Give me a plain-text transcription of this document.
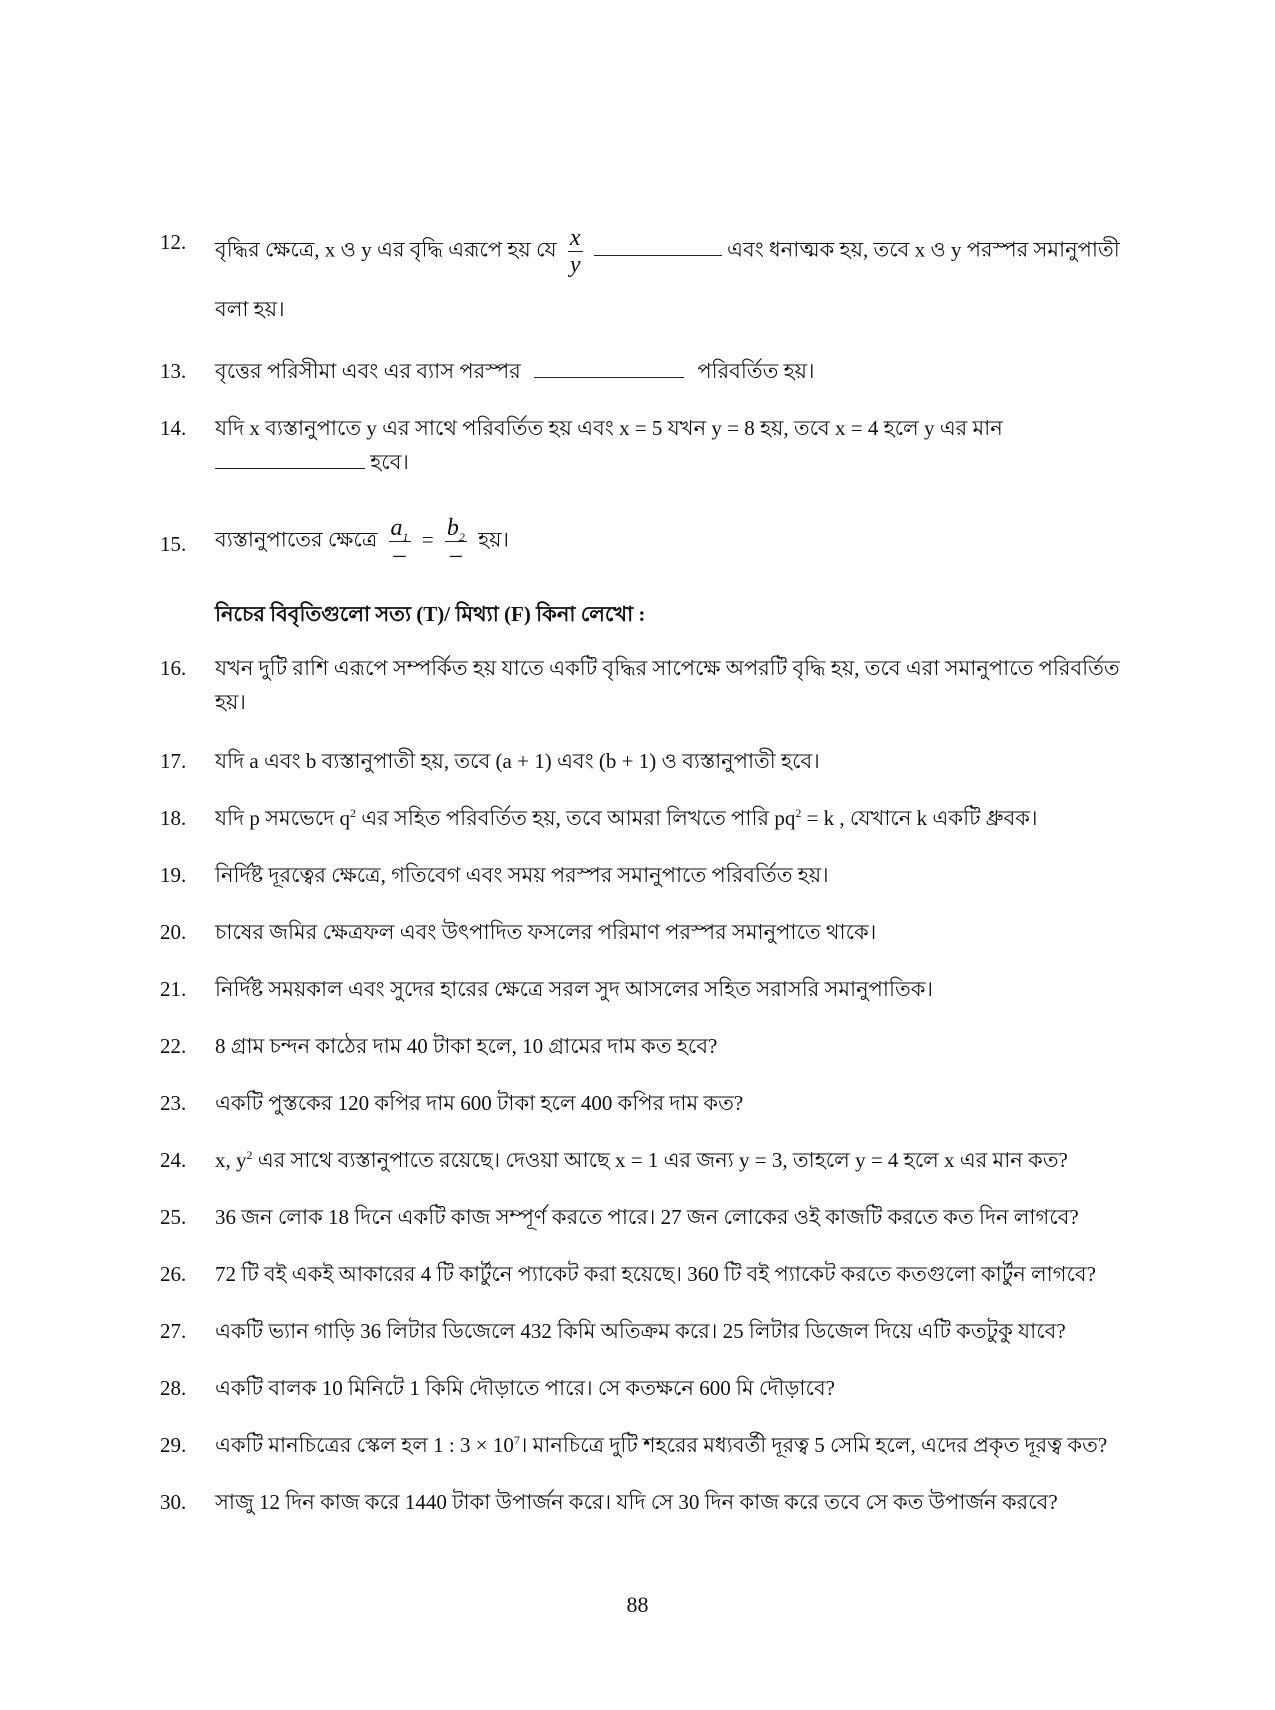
12.	বৃদ্ধির ক্ষেত্রে, x ও y এর বৃদ্ধি এরূপে হয় যে $\frac{x}{y}$	এবং ধনাত্মক হয়, তবে x ও y পরস্পর সমানুপাতী
বলা হয়।
13.	বৃত্তের পরিসীমা এবং এর ব্যাস পরস্পর	পরিবর্তিত হয়।
14.	যদি x ব্যস্তানুপাতে y এর সাথে পরিবর্তিত হয় এবং x = 5 যখন y = 8 হয়, তবে x = 4 হলে y এর মান
হবে।
15.	ব্যস্তানুপাতের ক্ষেত্রে $\frac{a_1}{-} = \frac{b_2}{-}$ হয়।
নিচের বিবৃতিগুলো সত্য (T)/ মিথ্যা (F) কিনা লেখো :
16.	যখন দুটি রাশি এরূপে সম্পর্কিত হয় যাতে একটি বৃদ্ধির সাপেক্ষে অপরটি বৃদ্ধি হয়, তবে এরা সমানুপাতে পরিবর্তিত
হয়।
17.	যদি a এবং b ব্যস্তানুপাতী হয়, তবে (a + 1) এবং (b + 1) ও ব্যস্তানুপাতী হবে।
18.	যদি p সমভেদে $q^2$ এর সহিত পরিবর্তিত হয়, তবে আমরা লিখতে পারি $pq^2 = k$ , যেখানে k একটি ধ্রুবক।
19.	নির্দিষ্ট দূরত্বের ক্ষেত্রে, গতিবেগ এবং সময় পরস্পর সমানুপাতে পরিবর্তিত হয়।
20.	চাষের জমির ক্ষেত্রফল এবং উৎপাদিত ফসলের পরিমাণ পরস্পর সমানুপাতে থাকে।
21.	নির্দিষ্ট সময়কাল এবং সুদের হারের ক্ষেত্রে সরল সুদ আসলের সহিত সরাসরি সমানুপাতিক।
22.	8 গ্রাম চন্দন কাঠের দাম 40 টাকা হলে, 10 গ্রামের দাম কত হবে?
23.	একটি পুস্তকের 120 কপির দাম 600 টাকা হলে 400 কপির দাম কত?
24.	x, $y^2$ এর সাথে ব্যস্তানুপাতে রয়েছে। দেওয়া আছে x = 1 এর জন্য y = 3, তাহলে y = 4 হলে x এর মান কত?
25.	36 জন লোক 18 দিনে একটি কাজ সম্পূর্ণ করতে পারে। 27 জন লোকের ওই কাজটি করতে কত দিন লাগবে?
26.	72 টি বই একই আকারের 4 টি কার্টুনে প্যাকেট করা হয়েছে। 360 টি বই প্যাকেট করতে কতগুলো কার্টুন লাগবে?
27.	একটি ভ্যান গাড়ি 36 লিটার ডিজেলে 432 কিমি অতিক্রম করে। 25 লিটার ডিজেল দিয়ে এটি কতটুকু যাবে?
28.	একটি বালক 10 মিনিটে 1 কিমি দৌড়াতে পারে। সে কতক্ষনে 600 মি দৌড়াবে?
29.	একটি মানচিত্রের স্কেল হল 1 : $3 \times 10^7।$ মানচিত্রে দুটি শহরের মধ্যবর্তী দূরত্ব 5 সেমি হলে, এদের প্রকৃত দূরত্ব কত?
30.	সাজু 12 দিন কাজ করে 1440 টাকা উপার্জন করে। যদি সে 30 দিন কাজ করে তবে সে কত উপার্জন করবে?
88
